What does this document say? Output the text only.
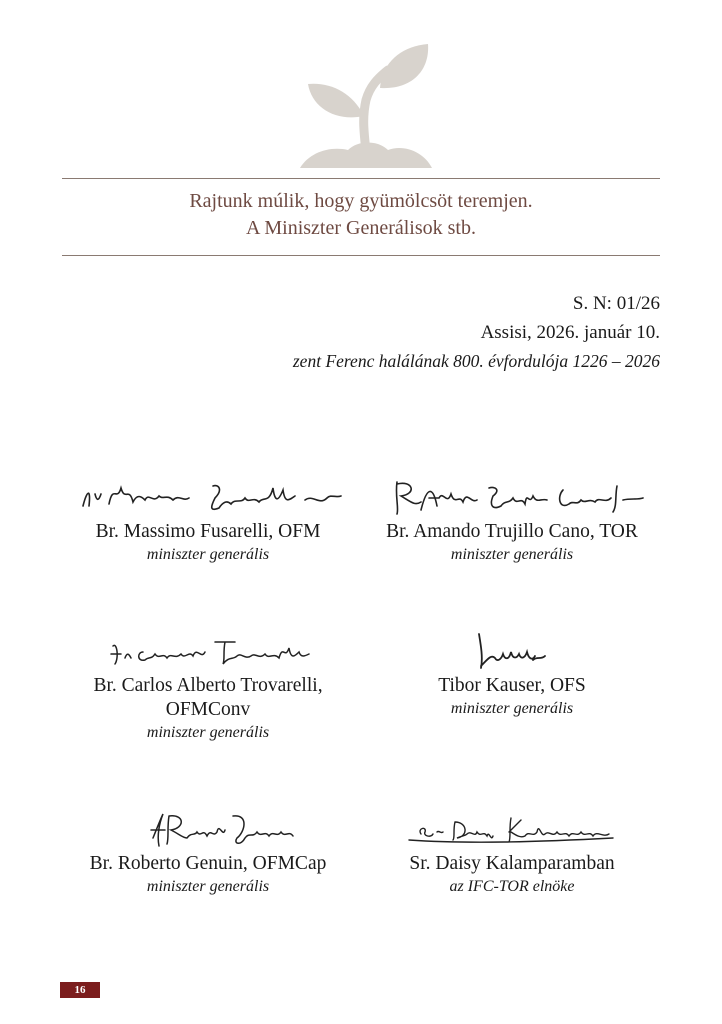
Rajtunk múlik, hogy gyümölcsöt teremjen.
A Miniszter Generálisok stb.
S. N: 01/26
Assisi, 2026. január 10.
zent Ferenc halálának 800. évfordulója 1226 – 2026
Br. Massimo Fusarelli, OFM
miniszter generális
Br. Amando Trujillo Cano, TOR
miniszter generális
Br. Carlos Alberto Trovarelli,
OFMConv
miniszter generális
Tibor Kauser, OFS
miniszter generális
Br. Roberto Genuin, OFMCap
miniszter generális
Sr. Daisy Kalamparamban
az IFC-TOR elnöke
16
